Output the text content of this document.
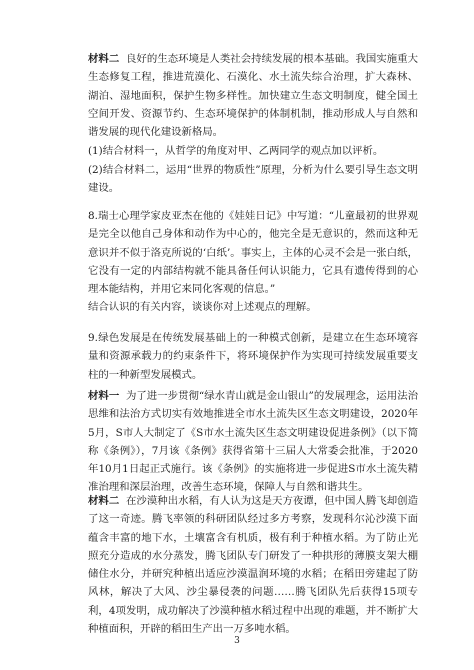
材料二 良好的生态环境是人类社会持续发展的根本基础。我国实施重大生态修复工程，推进荒漠化、石漠化、水土流失综合治理，扩大森林、湖泊、湿地面积，保护生物多样性。加快建立生态文明制度，健全国土空间开发、资源节约、生态环境保护的体制机制，推动形成人与自然和谐发展的现代化建设新格局。

(1)结合材料一，从哲学的角度对甲、乙两同学的观点加以评析。

(2)结合材料二，运用“世界的物质性”原理，分析为什么要引导生态文明建设。

8.瑞士心理学家皮亚杰在他的《娃娃日记》中写道：“儿童最初的世界观是完全以他自己身体和动作为中心的，他完全是无意识的，然而这种无意识并不似于洛克所说的‘白纸’。事实上，主体的心灵不会是一张白纸，它没有一定的内部结构就不能具备任何认识能力，它具有遗传得到的心理本能结构，并用它来同化客观的信息。”

结合认识的有关内容，谈谈你对上述观点的理解。

9.绿色发展是在传统发展基础上的一种模式创新，是建立在生态环境容量和资源承载力的约束条件下，将环境保护作为实现可持续发展重要支柱的一种新型发展模式。

材料一 为了进一步贯彻“绿水青山就是金山银山”的发展理念，运用法治思维和法治方式切实有效地推进全市水土流失区生态文明建设，2020年5月，S市人大制定了《S市水土流失区生态文明建设促进条例》（以下简称《条例》），7月该《条例》获得省第十三届人大常委会批准，于2020年10月1日起正式施行。该《条例》的实施将进一步促进S市水土流失精准治理和深层治理，改善生态环境，保障人与自然和谐共生。

材料二 在沙漠种出水稻，有人认为这是天方夜谭，但中国人腾飞却创造了这一奇迹。腾飞率领的科研团队经过多方考察，发现科尔沁沙漠下面蕴含丰富的地下水，土壤富含有机质，极有利于种植水稻。为了防止光照充分造成的水分蒸发，腾飞团队专门研发了一种拱形的薄膜支架大棚储住水分，并研究种植出适应沙漠温润环境的水稻；在稻田旁建起了防风林，解决了大风、沙尘暴侵袭的问题……腾飞团队先后获得15项专利，4项发明，成功解决了沙漠种植水稻过程中出现的难题，并不断扩大种植面积，开辟的稻田生产出一万多吨水稻。

3
